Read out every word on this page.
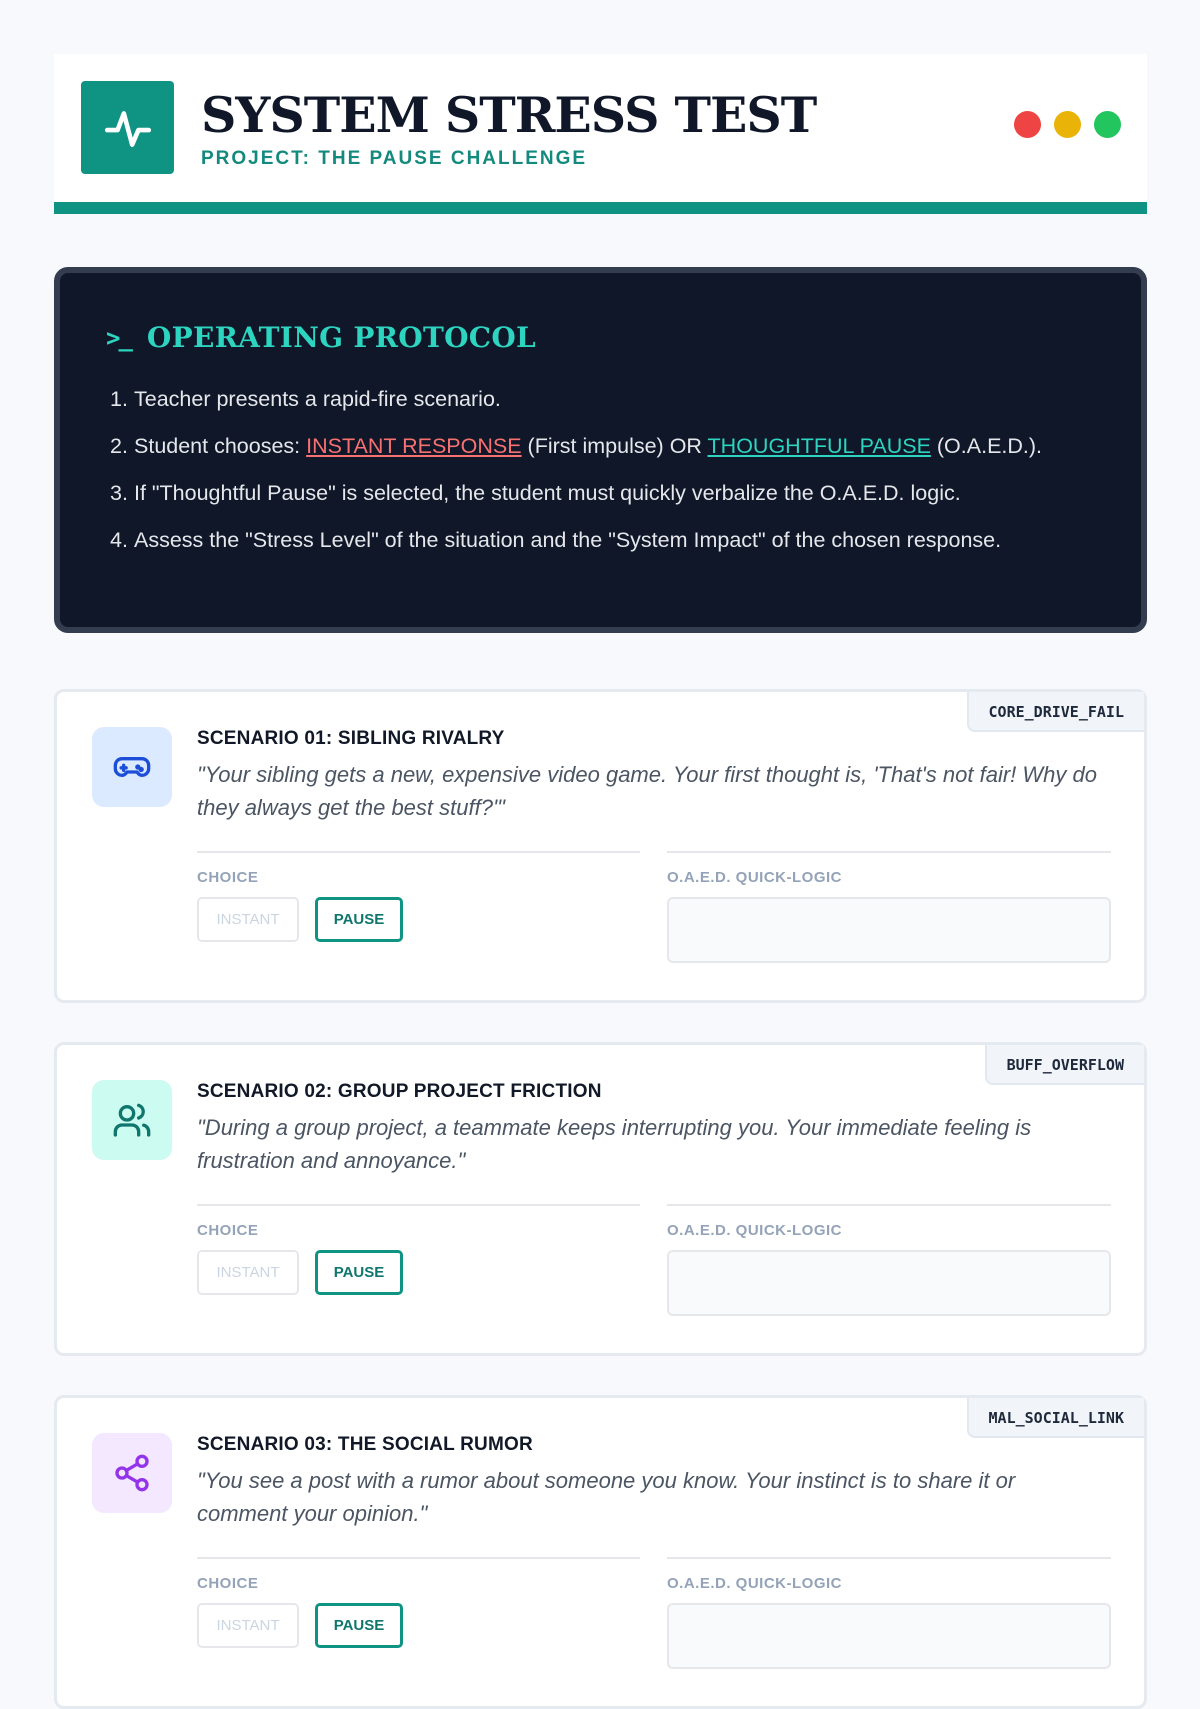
SYSTEM STRESS TEST
PROJECT: THE PAUSE CHALLENGE
>_ OPERATING PROTOCOL
1. Teacher presents a rapid-fire scenario.
2. Student chooses: INSTANT RESPONSE (First impulse) OR THOUGHTFUL PAUSE (O.A.E.D.).
3. If "Thoughtful Pause" is selected, the student must quickly verbalize the O.A.E.D. logic.
4. Assess the "Stress Level" of the situation and the "System Impact" of the chosen response.
CORE_DRIVE_FAIL
SCENARIO 01: SIBLING RIVALRY
"Your sibling gets a new, expensive video game. Your first thought is, 'That's not fair! Why do they always get the best stuff?'"
CHOICE	O.A.E.D. QUICK-LOGIC
INSTANT	PAUSE
BUFF_OVERFLOW
SCENARIO 02: GROUP PROJECT FRICTION
"During a group project, a teammate keeps interrupting you. Your immediate feeling is frustration and annoyance."
CHOICE	O.A.E.D. QUICK-LOGIC
INSTANT	PAUSE
MAL_SOCIAL_LINK
SCENARIO 03: THE SOCIAL RUMOR
"You see a post with a rumor about someone you know. Your instinct is to share it or comment your opinion."
CHOICE	O.A.E.D. QUICK-LOGIC
INSTANT	PAUSE
